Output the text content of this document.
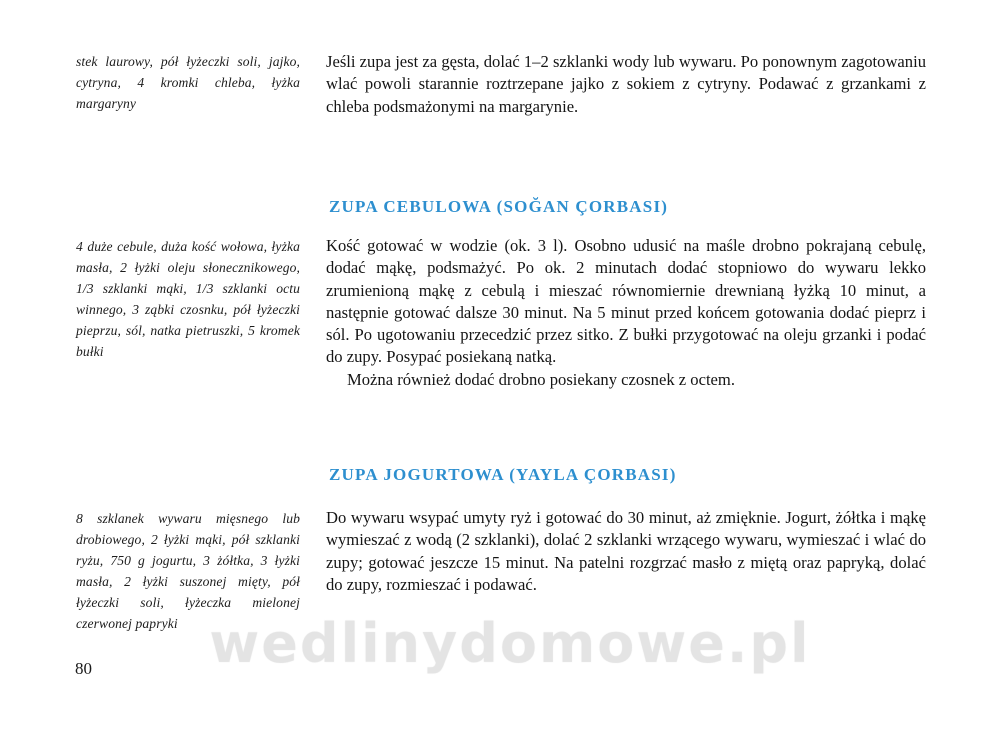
stek laurowy, pół łyżeczki soli, jajko, cytryna, 4 kromki chleba, łyżka margaryny
4 duże cebule, duża kość wołowa, łyżka masła, 2 łyżki oleju słonecznikowego, 1/3 szklanki mąki, 1/3 szklanki octu winnego, 3 ząbki czosnku, pół łyżeczki pieprzu, sól, natka pietruszki, 5 kromek bułki
8 szklanek wywaru mięsnego lub drobiowego, 2 łyżki mąki, pół szklanki ryżu, 750 g jogurtu, 3 żółtka, 3 łyżki masła, 2 łyżki suszonej mięty, pół łyżeczki soli, łyżeczka mielonej czerwonej papryki

Jeśli zupa jest za gęsta, dolać 1–2 szklanki wody lub wywaru. Po ponownym zagotowaniu wlać powoli starannie roztrzepane jajko z sokiem z cytryny. Podawać z grzankami z chleba podsmażonymi na margarynie.

ZUPA CEBULOWA (SOĞAN ÇORBASI)

Kość gotować w wodzie (ok. 3 l). Osobno udusić na maśle drobno pokrajaną cebulę, dodać mąkę, podsmażyć. Po ok. 2 minutach dodać stopniowo do wywaru lekko zrumienioną mąkę z cebulą i mieszać równomiernie drewnianą łyżką 10 minut, a następnie gotować dalsze 30 minut. Na 5 minut przed końcem gotowania dodać pieprz i sól. Po ugotowaniu przecedzić przez sitko. Z bułki przygotować na oleju grzanki i podać do zupy. Posypać posiekaną natką.

Można również dodać drobno posiekany czosnek z octem.

ZUPA JOGURTOWA (YAYLA ÇORBASI)

Do wywaru wsypać umyty ryż i gotować do 30 minut, aż zmięknie. Jogurt, żółtka i mąkę wymieszać z wodą (2 szklanki), dolać 2 szklanki wrzącego wywaru, wymieszać i wlać do zupy; gotować jeszcze 15 minut. Na patelni rozgrzać masło z miętą oraz papryką, dolać do zupy, rozmieszać i podawać.

wedlinydomowe.pl
80
